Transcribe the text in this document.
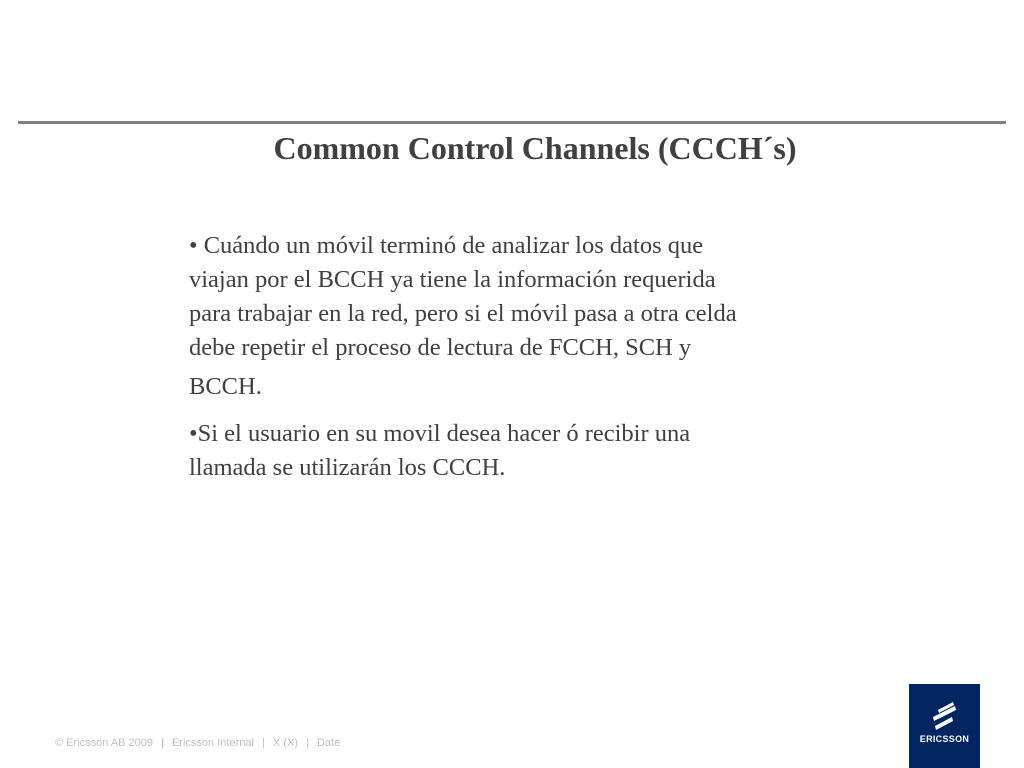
Common Control Channels (CCCH´s)

• Cuándo un móvil terminó de analizar los datos que
viajan por el BCCH ya tiene la información requerida
para trabajar en la red, pero si el móvil pasa a otra celda
debe repetir el proceso de lectura de FCCH, SCH y
BCCH.

•Si el usuario en su movil desea hacer ó recibir una
llamada se utilizarán los CCCH.

© Ericsson AB 2009 | Ericsson Internal | X (X) | Date	ERICSSON
